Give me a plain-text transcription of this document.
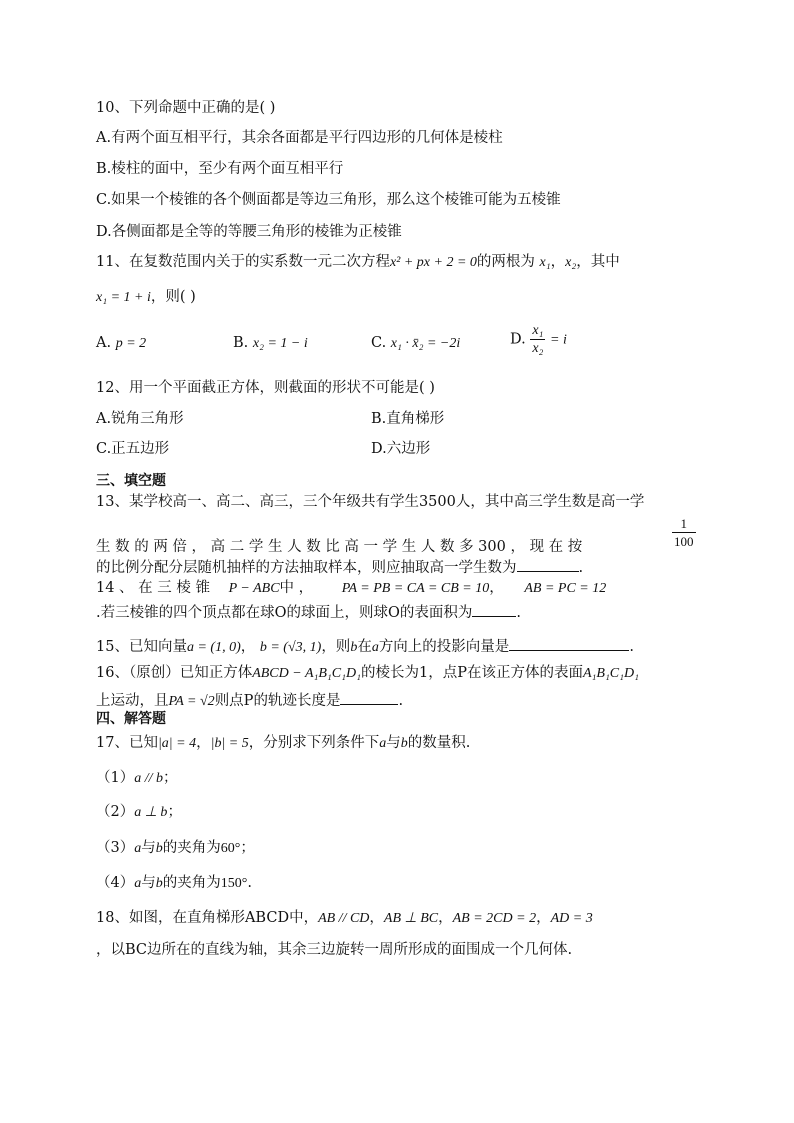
10、下列命题中正确的是( )
A.有两个面互相平行，其余各面都是平行四边形的几何体是棱柱
B.棱柱的面中，至少有两个面互相平行
C.如果一个棱锥的各个侧面都是等边三角形，那么这个棱锥可能为五棱锥
D.各侧面都是全等的等腰三角形的棱锥为正棱锥
11、在复数范围内关于的实系数一元二次方程x² + px + 2 = 0的两根为 x₁，x₂，其中
x₁ = 1 + i，则( )
A. p = 2	B. x₂ = 1 − i	C. x₁ · x̄₂ = −2i	D. $\frac{\text{x₁}}{\text{x₂}} = i$
12、用一个平面截正方体，则截面的形状不可能是( )
A.锐角三角形	B.直角梯形
C.正五边形	D.六边形
三、填空题
13、某学校高一、高二、高三，三个年级共有学生3500人，其中高三学生数是高一学
$\frac{1}{100}$
生 数 的 两 倍 ， 高 二 学 生 人 数 比 高 一 学 生 人 数 多 300 ， 现 在 按
的比例分配分层随机抽样的方法抽取样本，则应抽取高一学生数为	.
14 、 在 三 棱 锥 P − ABC中 ， PA = PB = CA = CB = 10， AB = PC = 12
.若三棱锥的四个顶点都在球O的球面上，则球O的表面积为	.
15、已知向量a = (1, 0)， b = (√3, 1)，则b在a方向上的投影向量是	.
16、（原创）已知正方体ABCD − A₁B₁C₁D₁的棱长为1，点P在该正方体的表面A₁B₁C₁D₁
上运动，且PA = √2则点P的轨迹长度是	.
四、解答题
17、已知|a| = 4，|b| = 5，分别求下列条件下a与b的数量积.
（1）a // b；
（2）a ⊥ b；
（3）a与b的夹角为60°；
（4）a与b的夹角为150°.
18、如图，在直角梯形ABCD中，AB // CD，AB ⊥ BC，AB = 2CD = 2，AD = 3
，以BC边所在的直线为轴，其余三边旋转一周所形成的面围成一个几何体.
